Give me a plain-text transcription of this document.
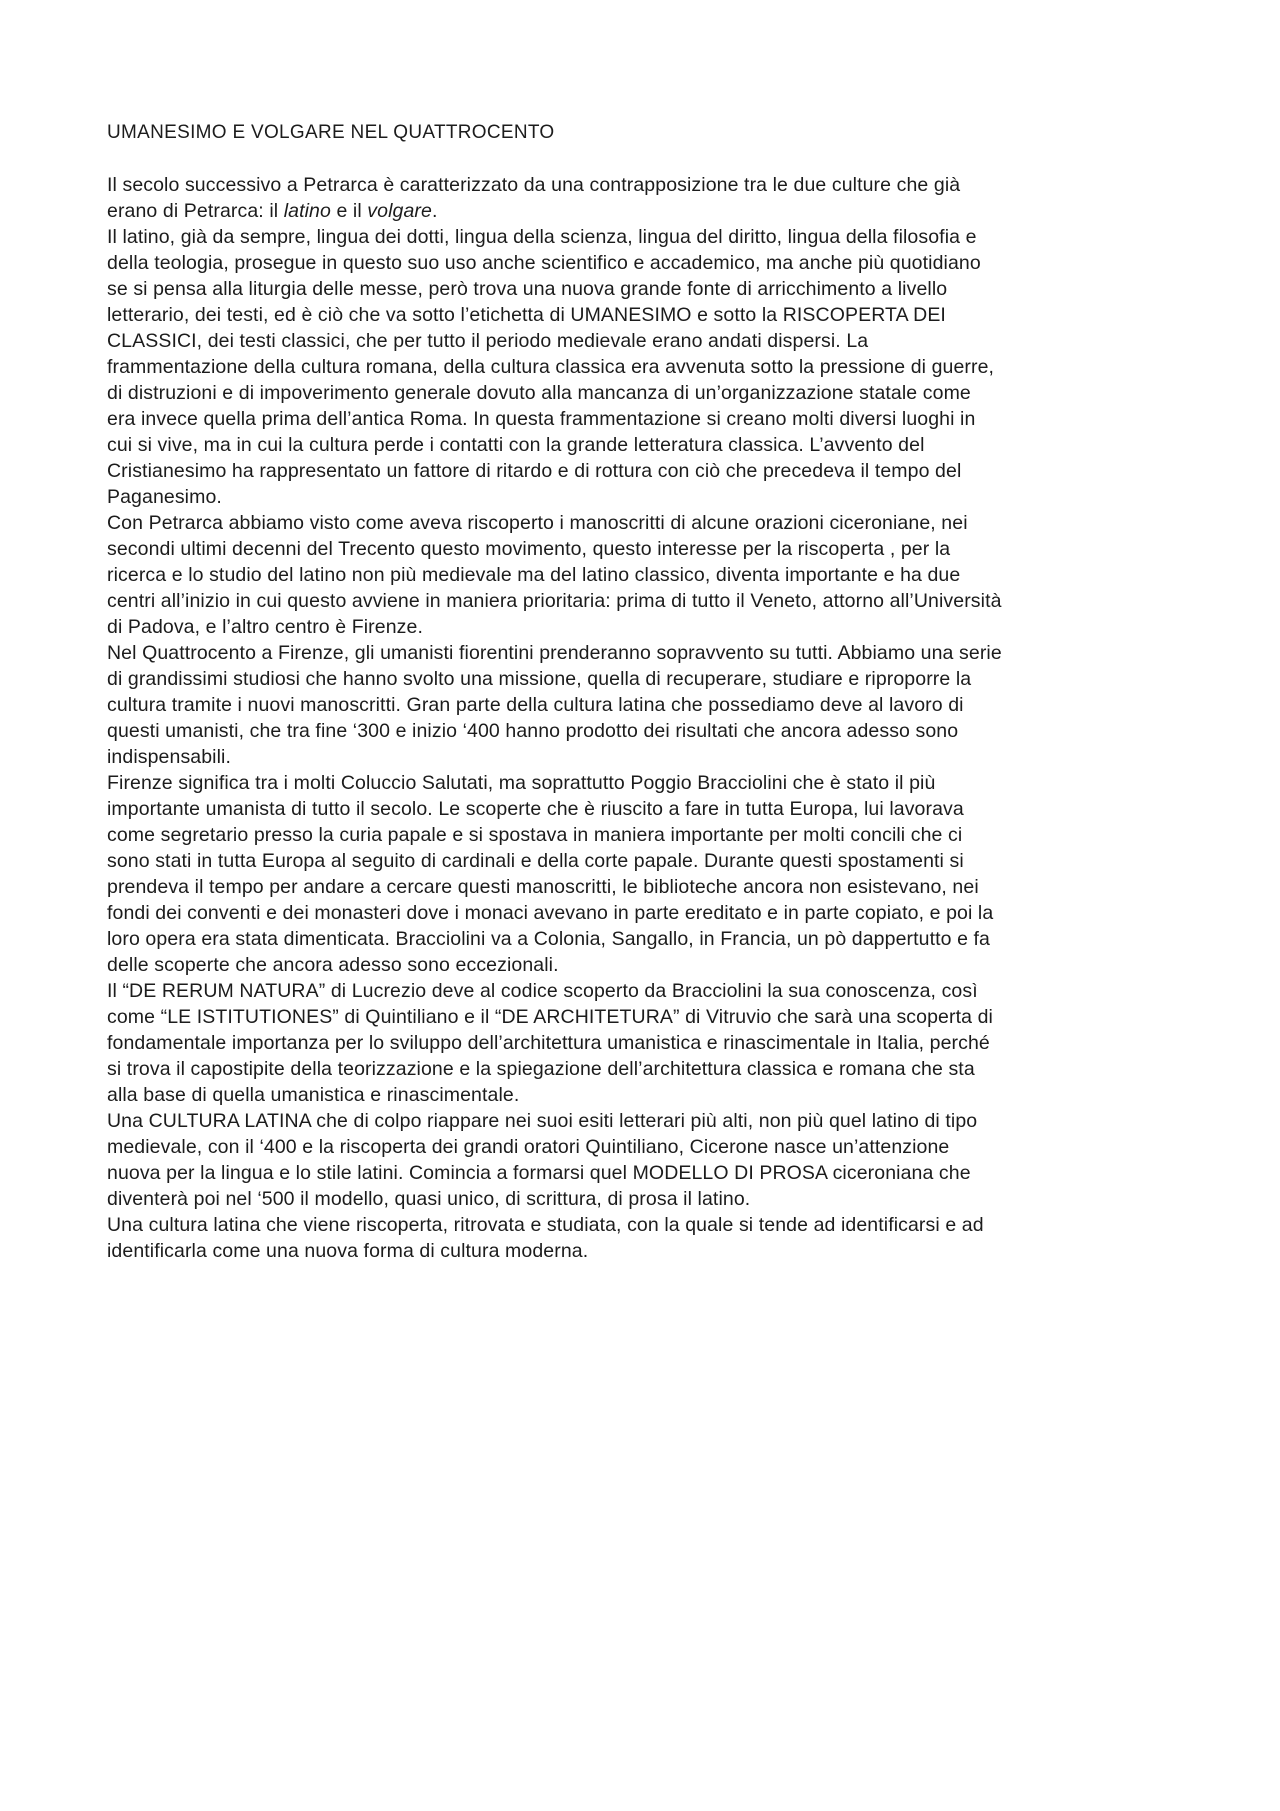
UMANESIMO E VOLGARE NEL QUATTROCENTO

Il secolo successivo a Petrarca è caratterizzato da una contrapposizione tra le due culture che già erano di Petrarca: il latino e il volgare.

Il latino, già da sempre, lingua dei dotti, lingua della scienza, lingua del diritto, lingua della filosofia e della teologia, prosegue in questo suo uso anche scientifico e accademico, ma anche più quotidiano se si pensa alla liturgia delle messe, però trova una nuova grande fonte di arricchimento a livello letterario, dei testi, ed è ciò che va sotto l’etichetta di UMANESIMO e sotto la RISCOPERTA DEI CLASSICI, dei testi classici, che per tutto il periodo medievale erano andati dispersi. La frammentazione della cultura romana, della cultura classica era avvenuta sotto la pressione di guerre, di distruzioni e di impoverimento generale dovuto alla mancanza di un’organizzazione statale come era invece quella prima dell’antica Roma. In questa frammentazione si creano molti diversi luoghi in cui si vive, ma in cui la cultura perde i contatti con la grande letteratura classica. L’avvento del Cristianesimo ha rappresentato un fattore di ritardo e di rottura con ciò che precedeva il tempo del Paganesimo.

Con Petrarca abbiamo visto come aveva riscoperto i manoscritti di alcune orazioni ciceroniane, nei secondi ultimi decenni del Trecento questo movimento, questo interesse per la riscoperta , per la ricerca e lo studio del latino non più medievale ma del latino classico, diventa importante e ha due centri all’inizio in cui questo avviene in maniera prioritaria: prima di tutto il Veneto, attorno all’Università di Padova, e l’altro centro è Firenze.

Nel Quattrocento a Firenze, gli umanisti fiorentini prenderanno sopravvento su tutti. Abbiamo una serie di grandissimi studiosi che hanno svolto una missione, quella di recuperare, studiare e riproporre la cultura tramite i nuovi manoscritti. Gran parte della cultura latina che possediamo deve al lavoro di questi umanisti, che tra fine ‘300 e inizio ‘400 hanno prodotto dei risultati che ancora adesso sono indispensabili.

Firenze significa tra i molti Coluccio Salutati, ma soprattutto Poggio Bracciolini che è stato il più importante umanista di tutto il secolo. Le scoperte che è riuscito a fare in tutta Europa, lui lavorava come segretario presso la curia papale e si spostava in maniera importante per molti concili che ci sono stati in tutta Europa al seguito di cardinali e della corte papale. Durante questi spostamenti si prendeva il tempo per andare a cercare questi manoscritti, le biblioteche ancora non esistevano, nei fondi dei conventi e dei monasteri dove i monaci avevano in parte ereditato e in parte copiato, e poi la loro opera era stata dimenticata. Bracciolini va a Colonia, Sangallo, in Francia, un pò dappertutto e fa delle scoperte che ancora adesso sono eccezionali.

Il “DE RERUM NATURA” di Lucrezio deve al codice scoperto da Bracciolini la sua conoscenza, così come “LE ISTITUTIONES” di Quintiliano e il “DE ARCHITETURA” di Vitruvio che sarà una scoperta di fondamentale importanza per lo sviluppo dell’architettura umanistica e rinascimentale in Italia, perché si trova il capostipite della teorizzazione e la spiegazione dell’architettura classica e romana che sta alla base di quella umanistica e rinascimentale.

Una CULTURA LATINA che di colpo riappare nei suoi esiti letterari più alti, non più quel latino di tipo medievale, con il ‘400 e la riscoperta dei grandi oratori Quintiliano, Cicerone nasce un’attenzione nuova per la lingua e lo stile latini. Comincia a formarsi quel MODELLO DI PROSA ciceroniana che diventerà poi nel ‘500 il modello, quasi unico, di scrittura, di prosa il latino.

Una cultura latina che viene riscoperta, ritrovata e studiata, con la quale si tende ad identificarsi e ad identificarla come una nuova forma di cultura moderna.
